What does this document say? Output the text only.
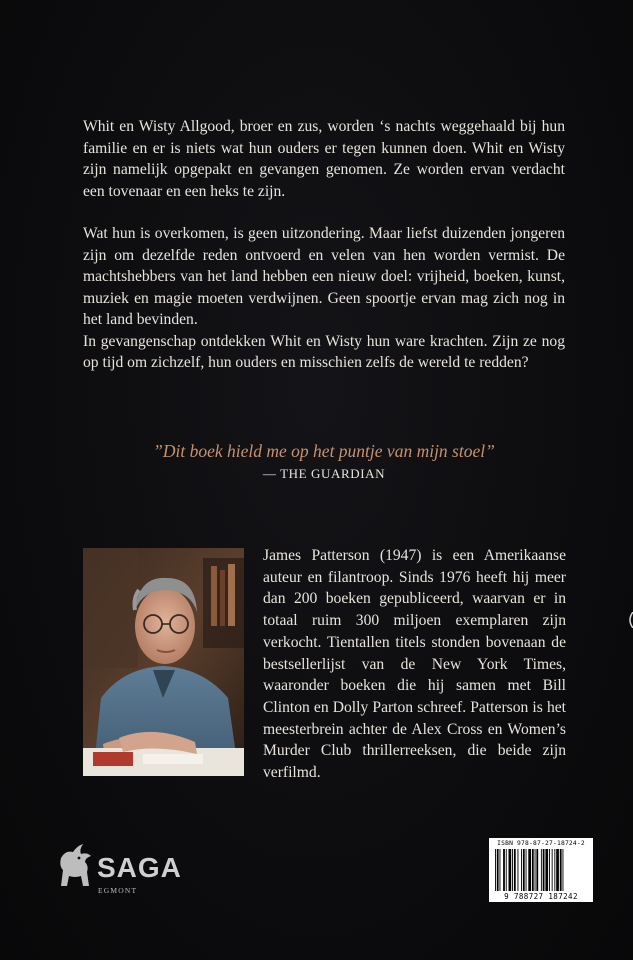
Whit en Wisty Allgood, broer en zus, worden ‘s nachts weggehaald bij hun familie en er is niets wat hun ouders er tegen kunnen doen. Whit en Wisty zijn namelijk opgepakt en gevangen genomen. Ze worden ervan verdacht een tovenaar en een heks te zijn.

Wat hun is overkomen, is geen uitzondering. Maar liefst duizenden jongeren zijn om dezelfde reden ontvoerd en velen van hen worden vermist. De machtshebbers van het land hebben een nieuw doel: vrijheid, boeken, kunst, muziek en magie moeten verdwijnen. Geen spoortje ervan mag zich nog in het land bevinden.

In gevangenschap ontdekken Whit en Wisty hun ware krachten. Zijn ze nog op tijd om zichzelf, hun ouders en misschien zelfs de wereld te redden?

”Dit boek hield me op het puntje van mijn stoel”
— THE GUARDIAN

James Patterson (1947) is een Amerikaanse auteur en filantroop. Sinds 1976 heeft hij meer dan 200 boeken gepubliceerd, waarvan er in totaal ruim 300 miljoen exemplaren zijn verkocht. Tientallen titels stonden bovenaan de bestsellerlijst van de New York Times, waaronder boeken die hij samen met Bill Clinton en Dolly Parton schreef. Patterson is het meesterbrein achter de Alex Cross en Women’s Murder Club thrillerreeksen, die beide zijn verfilmd.

SAGA
EGMONT
ISBN 978-87-27-18724-2
9 788727 187242
